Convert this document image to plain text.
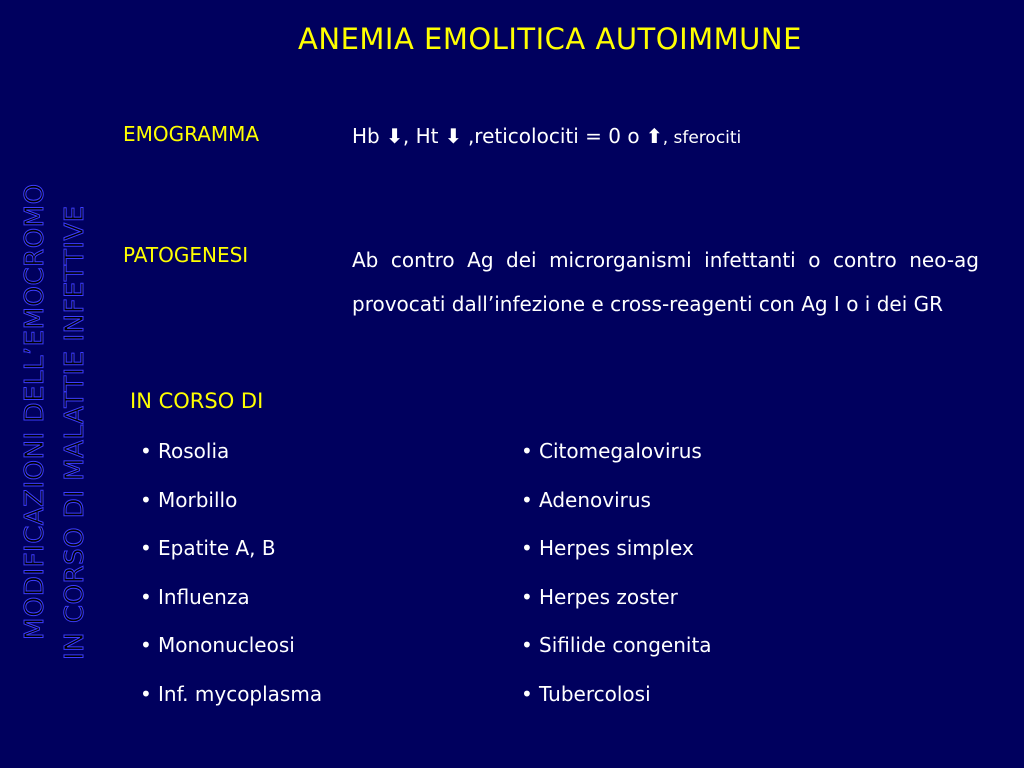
ANEMIA EMOLITICA AUTOIMMUNE
MODIFICAZIONI DELL’EMOCROMO IN CORSO DI MALATTIE INFETTIVE
EMOGRAMMA	Hb ⬇, Ht ⬇ ,reticolociti = 0 o ⬆, sferociti
PATOGENESI	Ab contro Ag dei microrganismi infettanti o contro neo-ag provocati dall’infezione e cross-reagenti con Ag I o i dei GR
IN CORSO DI
• Rosolia
• Morbillo
• Epatite A, B
• Influenza
• Mononucleosi
• Inf. mycoplasma
• Citomegalovirus
• Adenovirus
• Herpes simplex
• Herpes zoster
• Sifilide congenita
• Tubercolosi
